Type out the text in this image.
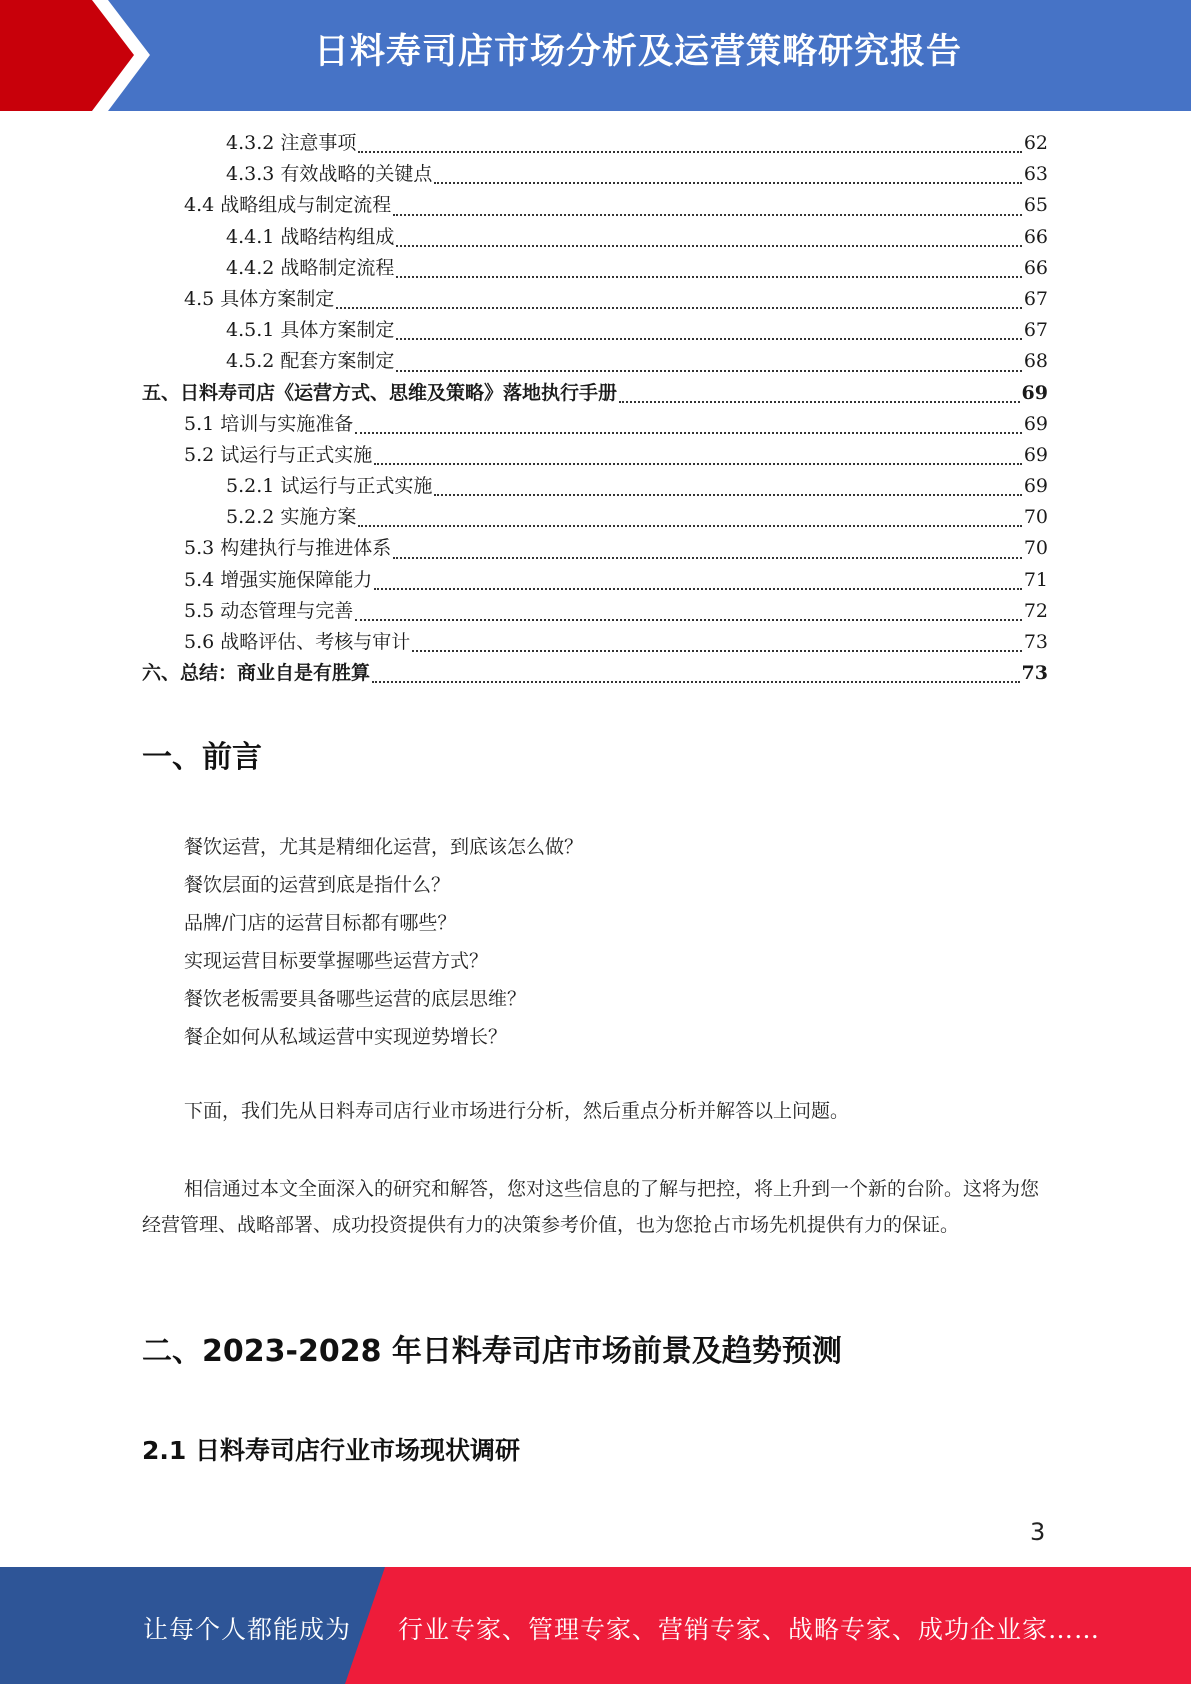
日料寿司店市场分析及运营策略研究报告
4.3.2 注意事项	62
4.3.3 有效战略的关键点	63
4.4 战略组成与制定流程	65
4.4.1 战略结构组成	66
4.4.2 战略制定流程	66
4.5 具体方案制定	67
4.5.1 具体方案制定	67
4.5.2 配套方案制定	68
五、日料寿司店《运营方式、思维及策略》落地执行手册	69
5.1 培训与实施准备	69
5.2 试运行与正式实施	69
5.2.1 试运行与正式实施	69
5.2.2 实施方案	70
5.3 构建执行与推进体系	70
5.4 增强实施保障能力	71
5.5 动态管理与完善	72
5.6 战略评估、考核与审计	73
六、总结：商业自是有胜算	73
一、前言
餐饮运营，尤其是精细化运营，到底该怎么做？
餐饮层面的运营到底是指什么？
品牌/门店的运营目标都有哪些？
实现运营目标要掌握哪些运营方式？
餐饮老板需要具备哪些运营的底层思维？
餐企如何从私域运营中实现逆势增长？
下面，我们先从日料寿司店行业市场进行分析，然后重点分析并解答以上问题。
相信通过本文全面深入的研究和解答，您对这些信息的了解与把控，将上升到一个新的台阶。这将为您经营管理、战略部署、成功投资提供有力的决策参考价值，也为您抢占市场先机提供有力的保证。
二、2023-2028 年日料寿司店市场前景及趋势预测
2.1 日料寿司店行业市场现状调研
3
让每个人都能成为 行业专家、管理专家、营销专家、战略专家、成功企业家……
